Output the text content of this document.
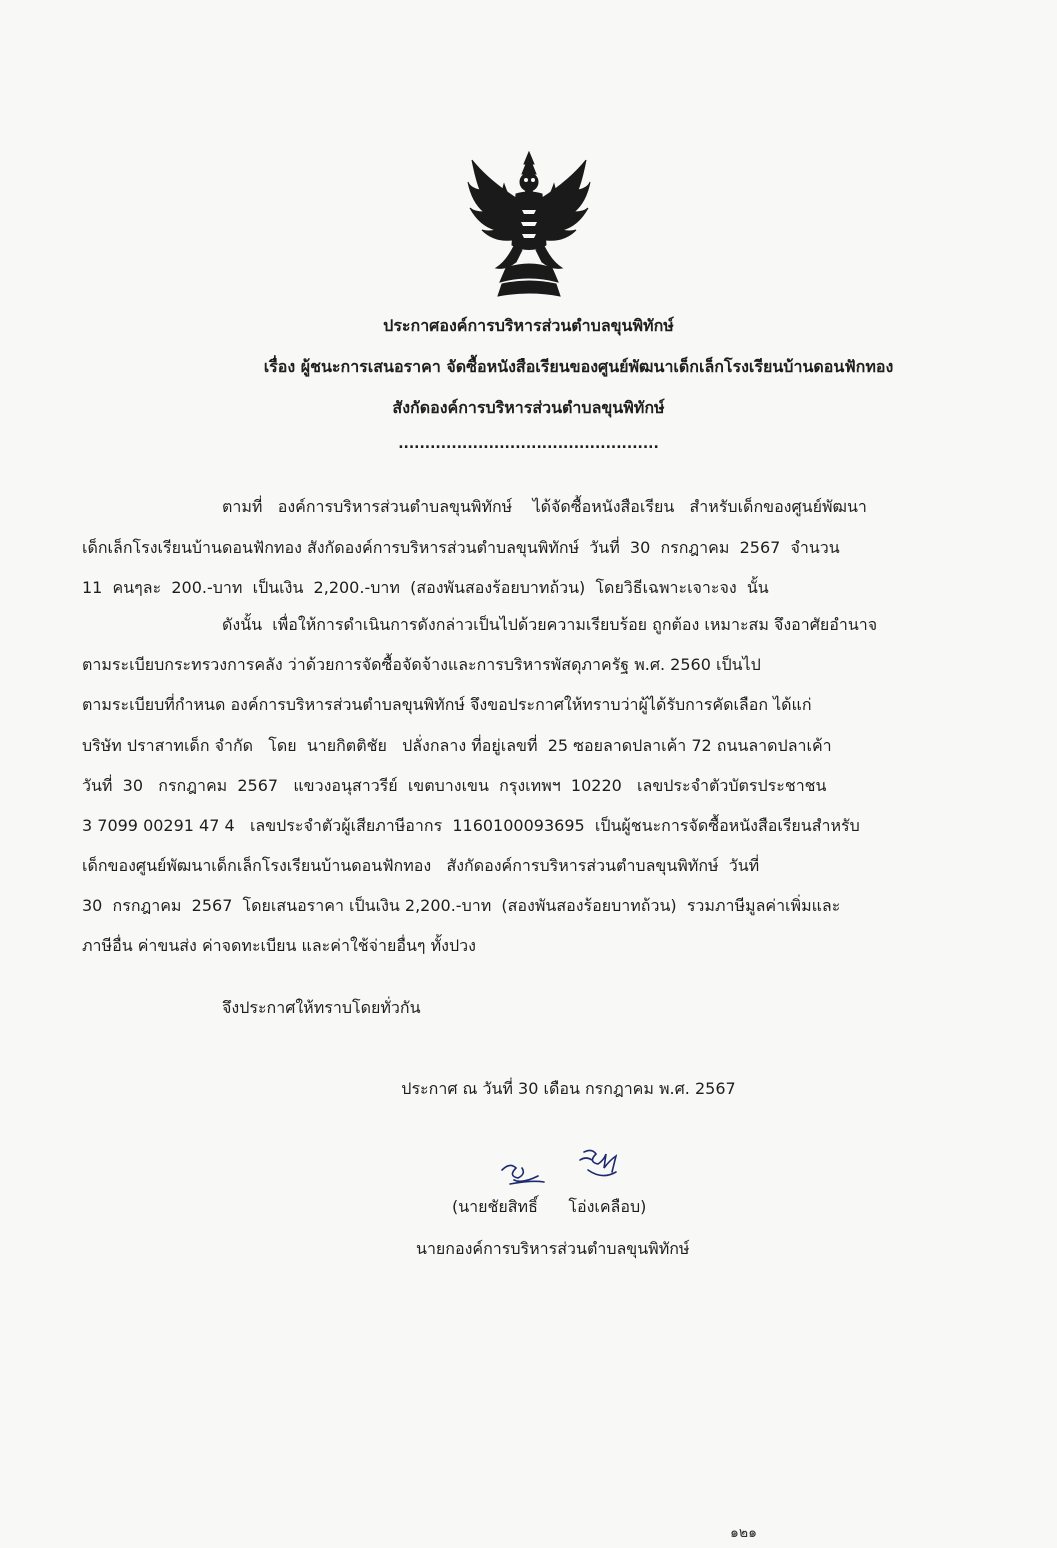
ประกาศองค์การบริหารส่วนตำบลขุนพิทักษ์
เรื่อง ผู้ชนะการเสนอราคา จัดซื้อหนังสือเรียนของศูนย์พัฒนาเด็กเล็กโรงเรียนบ้านดอนฟักทอง
สังกัดองค์การบริหารส่วนตำบลขุนพิทักษ์
.................................................
ตามที่   องค์การบริหารส่วนตำบลขุนพิทักษ์    ได้จัดซื้อหนังสือเรียน   สำหรับเด็กของศูนย์พัฒนา
เด็กเล็กโรงเรียนบ้านดอนฟักทอง สังกัดองค์การบริหารส่วนตำบลขุนพิทักษ์  วันที่  30  กรกฎาคม  2567  จำนวน
11  คนๆละ  200.-บาท  เป็นเงิน  2,200.-บาท  (สองพันสองร้อยบาทถ้วน)  โดยวิธีเฉพาะเจาะจง  นั้น
ดังนั้น  เพื่อให้การดำเนินการดังกล่าวเป็นไปด้วยความเรียบร้อย ถูกต้อง เหมาะสม จึงอาศัยอำนาจ
ตามระเบียบกระทรวงการคลัง ว่าด้วยการจัดซื้อจัดจ้างและการบริหารพัสดุภาครัฐ พ.ศ. 2560 เป็นไป
ตามระเบียบที่กำหนด องค์การบริหารส่วนตำบลขุนพิทักษ์ จึงขอประกาศให้ทราบว่าผู้ได้รับการคัดเลือก ได้แก่
บริษัท ปราสาทเด็ก จำกัด   โดย  นายกิตติชัย   ปลั่งกลาง ที่อยู่เลขที่  25 ซอยลาดปลาเค้า 72 ถนนลาดปลาเค้า
วันที่  30   กรกฎาคม  2567   แขวงอนุสาวรีย์  เขตบางเขน  กรุงเทพฯ  10220   เลขประจำตัวบัตรประชาชน
3 7099 00291 47 4   เลขประจำตัวผู้เสียภาษีอากร  1160100093695  เป็นผู้ชนะการจัดซื้อหนังสือเรียนสำหรับ
เด็กของศูนย์พัฒนาเด็กเล็กโรงเรียนบ้านดอนฟักทอง   สังกัดองค์การบริหารส่วนตำบลขุนพิทักษ์  วันที่
30  กรกฎาคม  2567  โดยเสนอราคา เป็นเงิน 2,200.-บาท  (สองพันสองร้อยบาทถ้วน)  รวมภาษีมูลค่าเพิ่มและ
ภาษีอื่น ค่าขนส่ง ค่าจดทะเบียน และค่าใช้จ่ายอื่นๆ ทั้งปวง
จึงประกาศให้ทราบโดยทั่วกัน
ประกาศ ณ วันที่ 30 เดือน กรกฎาคม พ.ศ. 2567
(นายชัยสิทธิ์      โอ่งเคลือบ)
นายกองค์การบริหารส่วนตำบลขุนพิทักษ์
๑๒๑
